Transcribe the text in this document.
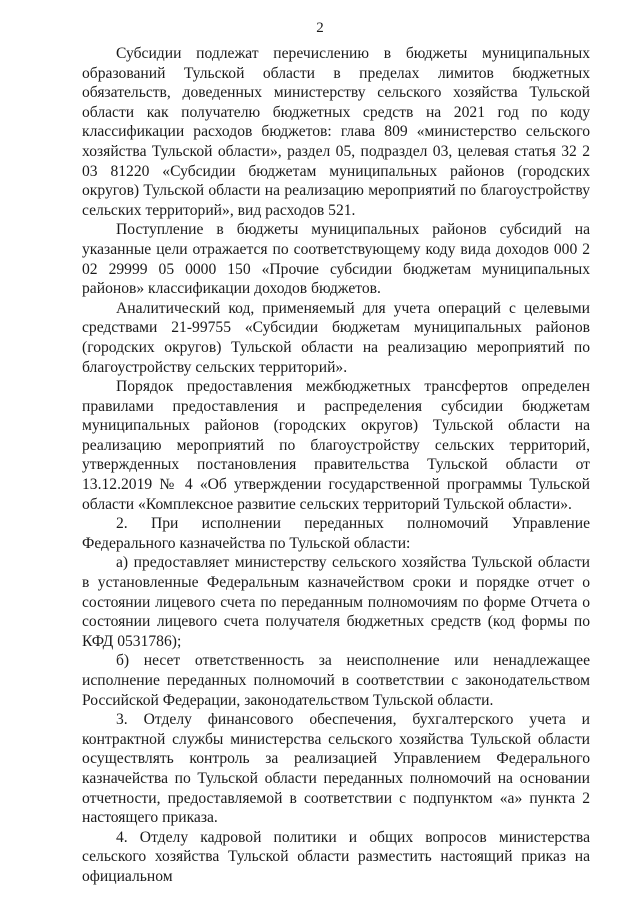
2

Субсидии подлежат перечислению в бюджеты муниципальных образований Тульской области в пределах лимитов бюджетных обязательств, доведенных министерству сельского хозяйства Тульской области как получателю бюджетных средств на 2021 год по коду классификации расходов бюджетов: глава 809 «министерство сельского хозяйства Тульской области», раздел 05, подраздел 03, целевая статья 32 2 03 81220 «Субсидии бюджетам муниципальных районов (городских округов) Тульской области на реализацию мероприятий по благоустройству сельских территорий», вид расходов 521.

Поступление в бюджеты муниципальных районов субсидий на указанные цели отражается по соответствующему коду вида доходов 000 2 02 29999 05 0000 150 «Прочие субсидии бюджетам муниципальных районов» классификации доходов бюджетов.

Аналитический код, применяемый для учета операций с целевыми средствами 21-99755 «Субсидии бюджетам муниципальных районов (городских округов) Тульской области на реализацию мероприятий по благоустройству сельских территорий».

Порядок предоставления межбюджетных трансфертов определен правилами предоставления и распределения субсидии бюджетам муниципальных районов (городских округов) Тульской области на реализацию мероприятий по благоустройству сельских территорий, утвержденных постановления правительства Тульской области от 13.12.2019 № 4 «Об утверждении государственной программы Тульской области «Комплексное развитие сельских территорий Тульской области».

2. При исполнении переданных полномочий Управление Федерального казначейства по Тульской области:

а) предоставляет министерству сельского хозяйства Тульской области в установленные Федеральным казначейством сроки и порядке отчет о состоянии лицевого счета по переданным полномочиям по форме Отчета о состоянии лицевого счета получателя бюджетных средств (код формы по КФД 0531786);

б) несет ответственность за неисполнение или ненадлежащее исполнение переданных полномочий в соответствии с законодательством Российской Федерации, законодательством Тульской области.

3. Отделу финансового обеспечения, бухгалтерского учета и контрактной службы министерства сельского хозяйства Тульской области осуществлять контроль за реализацией Управлением Федерального казначейства по Тульской области переданных полномочий на основании отчетности, предоставляемой в соответствии с подпунктом «а» пункта 2 настоящего приказа.

4. Отделу кадровой политики и общих вопросов министерства сельского хозяйства Тульской области разместить настоящий приказ на официальном
